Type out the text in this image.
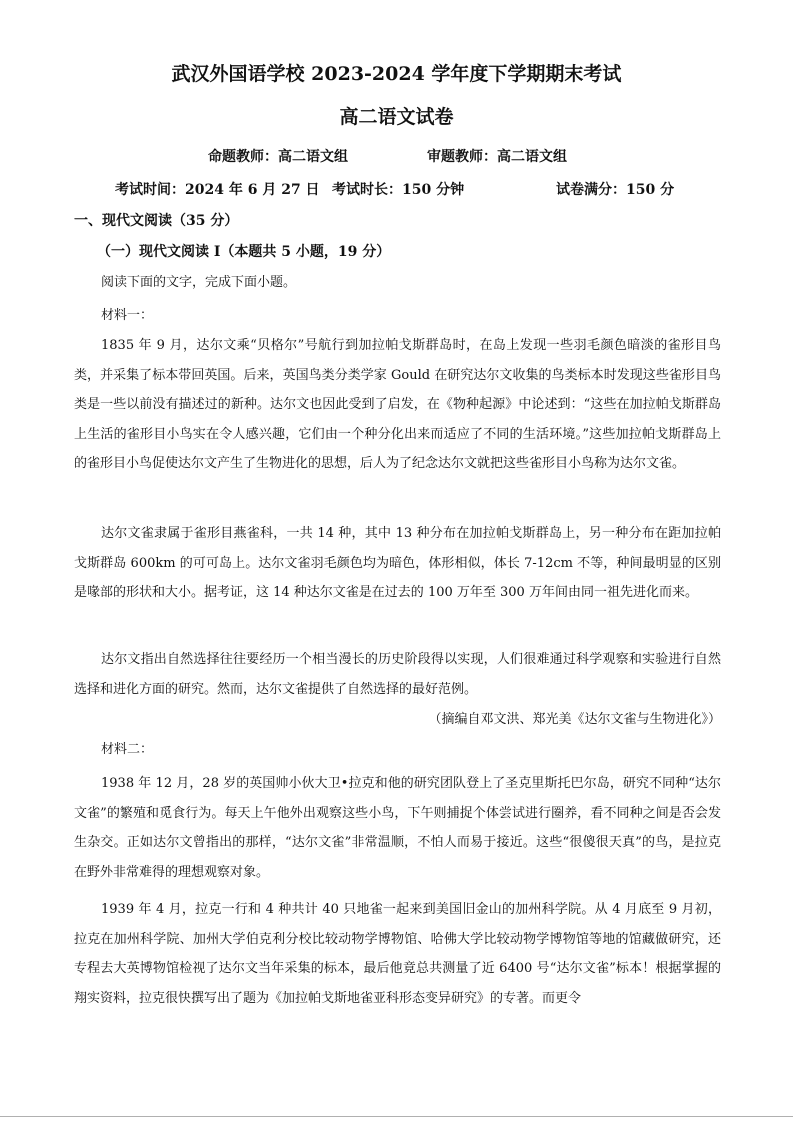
武汉外国语学校 2023-2024 学年度下学期期末考试
高二语文试卷
命题教师：高二语文组	审题教师：高二语文组
考试时间：2024 年 6 月 27 日 考试时长：150 分钟	试卷满分：150 分
一、现代文阅读（35 分）
（一）现代文阅读 I（本题共 5 小题，19 分）
阅读下面的文字，完成下面小题。
材料一：
1835 年 9 月，达尔文乘“贝格尔”号航行到加拉帕戈斯群岛时，在岛上发现一些羽毛颜色暗淡的雀形目鸟类，并采集了标本带回英国。后来，英国鸟类分类学家 Gould 在研究达尔文收集的鸟类标本时发现这些雀形目鸟类是一些以前没有描述过的新种。达尔文也因此受到了启发，在《物种起源》中论述到：“这些在加拉帕戈斯群岛上生活的雀形目小鸟实在令人感兴趣，它们由一个种分化出来而适应了不同的生活环境。”这些加拉帕戈斯群岛上的雀形目小鸟促使达尔文产生了生物进化的思想，后人为了纪念达尔文就把这些雀形目小鸟称为达尔文雀。
达尔文雀隶属于雀形目燕雀科，一共 14 种，其中 13 种分布在加拉帕戈斯群岛上，另一种分布在距加拉帕戈斯群岛 600km 的可可岛上。达尔文雀羽毛颜色均为暗色，体形相似，体长 7-12cm 不等，种间最明显的区别是喙部的形状和大小。据考证，这 14 种达尔文雀是在过去的 100 万年至 300 万年间由同一祖先进化而来。
达尔文指出自然选择往往要经历一个相当漫长的历史阶段得以实现，人们很难通过科学观察和实验进行自然选择和进化方面的研究。然而，达尔文雀提供了自然选择的最好范例。
（摘编自邓文洪、郑光美《达尔文雀与生物进化》）
材料二：
1938 年 12 月，28 岁的英国帅小伙大卫•拉克和他的研究团队登上了圣克里斯托巴尔岛，研究不同种“达尔文雀”的繁殖和觅食行为。每天上午他外出观察这些小鸟，下午则捕捉个体尝试进行圈养，看不同种之间是否会发生杂交。正如达尔文曾指出的那样，“达尔文雀”非常温顺，不怕人而易于接近。这些“很傻很天真”的鸟，是拉克在野外非常难得的理想观察对象。
1939 年 4 月，拉克一行和 4 种共计 40 只地雀一起来到美国旧金山的加州科学院。从 4 月底至 9 月初，拉克在加州科学院、加州大学伯克利分校比较动物学博物馆、哈佛大学比较动物学博物馆等地的馆藏做研究，还专程去大英博物馆检视了达尔文当年采集的标本，最后他竟总共测量了近 6400 号“达尔文雀”标本！根据掌握的翔实资料，拉克很快撰写出了题为《加拉帕戈斯地雀亚科形态变异研究》的专著。而更令
